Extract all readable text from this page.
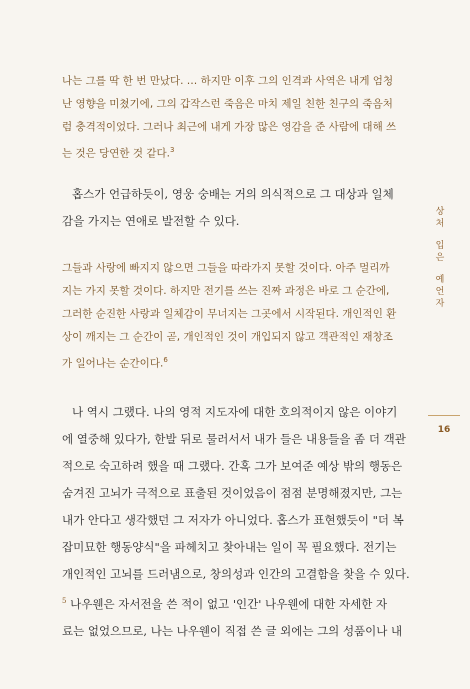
나는 그를 딱 한 번 만났다. … 하지만 이후 그의 인격과 사역은 내게 엄청
난 영향을 미쳤기에, 그의 갑작스런 죽음은 마치 제일 친한 친구의 죽음처
럼 충격적이었다. 그러나 최근에 내게 가장 많은 영감을 준 사람에 대해 쓰
는 것은 당연한 것 같다.$^3$
홉스가 언급하듯이, 영웅 숭배는 거의 의식적으로 그 대상과 일체
감을 가지는 연애로 발전할 수 있다.
그들과 사랑에 빠지지 않으면 그들을 따라가지 못할 것이다. 아주 멀리까
지는 가지 못할 것이다. 하지만 전기를 쓰는 진짜 과정은 바로 그 순간에,
그러한 순진한 사랑과 일체감이 무너지는 그곳에서 시작된다. 개인적인 환
상이 깨지는 그 순간이 곧, 개인적인 것이 개입되지 않고 객관적인 재창조
가 일어나는 순간이다.$^6$
나 역시 그랬다. 나의 영적 지도자에 대한 호의적이지 않은 이야기
에 열중해 있다가, 한발 뒤로 물러서서 내가 들은 내용들을 좀 더 객관
적으로 숙고하려 했을 때 그랬다. 간혹 그가 보여준 예상 밖의 행동은
숨겨진 고뇌가 극적으로 표출된 것이었음이 점점 분명해졌지만, 그는
내가 안다고 생각했던 그 저자가 아니었다. 홉스가 표현했듯이 "더 복
잡미묘한 행동양식"을 파헤치고 찾아내는 일이 꼭 필요했다. 전기는
개인적인 고뇌를 드러냄으로, 창의성과 인간의 고결함을 찾을 수 있다.
$^5$ 나우웬은 자서전을 쓴 적이 없고 '인간' 나우웬에 대한 자세한 자
료는 없었으므로, 나는 나우웬이 직접 쓴 글 외에는 그의 성품이나 내
상
처
입
은
예
언
자
16
